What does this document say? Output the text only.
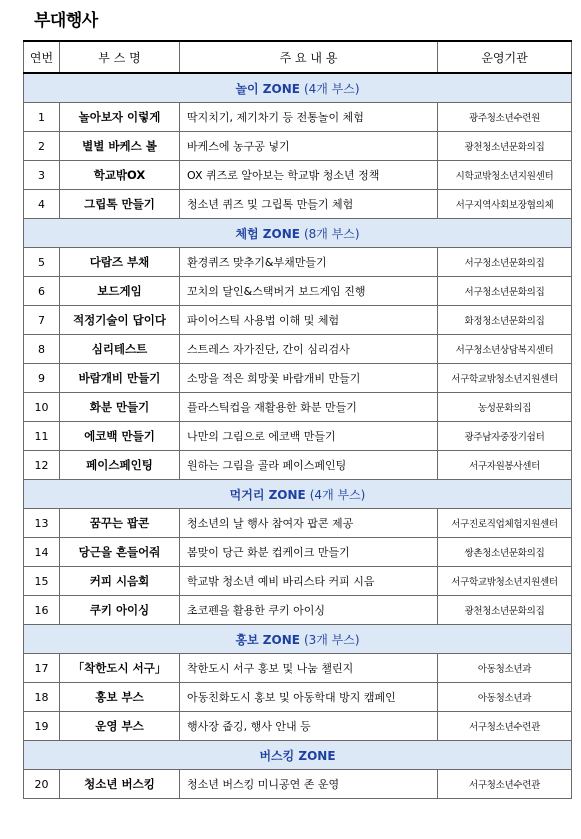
부대행사
연번	부 스 명	주 요 내 용	운영기관
놀이 ZONE (4개 부스)			
1	놀아보자 이렇게	딱지치기, 제기차기 등 전통놀이 체험	광주청소년수련원
2	별별 바케스 볼	바케스에 농구공 넣기	광천청소년문화의집
3	학교밖OX	OX 퀴즈로 알아보는 학교밖 청소년 정책	시학교밖청소년지원센터
4	그립톡 만들기	청소년 퀴즈 및 그립톡 만들기 체험	서구지역사회보장협의체
체험 ZONE (8개 부스)			
5	다람즈 부채	환경퀴즈 맞추기&부채만들기	서구청소년문화의집
6	보드게임	꼬치의 달인&스택버거 보드게임 진행	서구청소년문화의집
7	적정기술이 답이다	파이어스틱 사용법 이해 및 체험	화정청소년문화의집
8	심리테스트	스트레스 자가진단, 간이 심리검사	서구청소년상담복지센터
9	바람개비 만들기	소망을 적은 희망꽃 바람개비 만들기	서구학교밖청소년지원센터
10	화분 만들기	플라스틱컵을 재활용한 화분 만들기	농성문화의집
11	에코백 만들기	나만의 그림으로 에코백 만들기	광주남자중장기쉼터
12	페이스페인팅	원하는 그림을 골라 페이스페인팅	서구자원봉사센터
먹거리 ZONE (4개 부스)			
13	꿈꾸는 팝콘	청소년의 날 행사 참여자 팝콘 제공	서구진로직업체험지원센터
14	당근을 흔들어줘	봄맞이 당근 화분 컵케이크 만들기	쌍촌청소년문화의집
15	커피 시음회	학교밖 청소년 예비 바리스타 커피 시음	서구학교밖청소년지원센터
16	쿠키 아이싱	초코펜을 활용한 쿠키 아이싱	광천청소년문화의집
홍보 ZONE (3개 부스)			
17	「착한도시 서구」	착한도시 서구 홍보 및 나눔 챌린지	아동청소년과
18	홍보 부스	아동친화도시 홍보 및 아동학대 방지 캠페인	아동청소년과
19	운영 부스	행사장 줍깅, 행사 안내 등	서구청소년수련관
버스킹 ZONE			
20	청소년 버스킹	청소년 버스킹 미니공연 존 운영	서구청소년수련관
